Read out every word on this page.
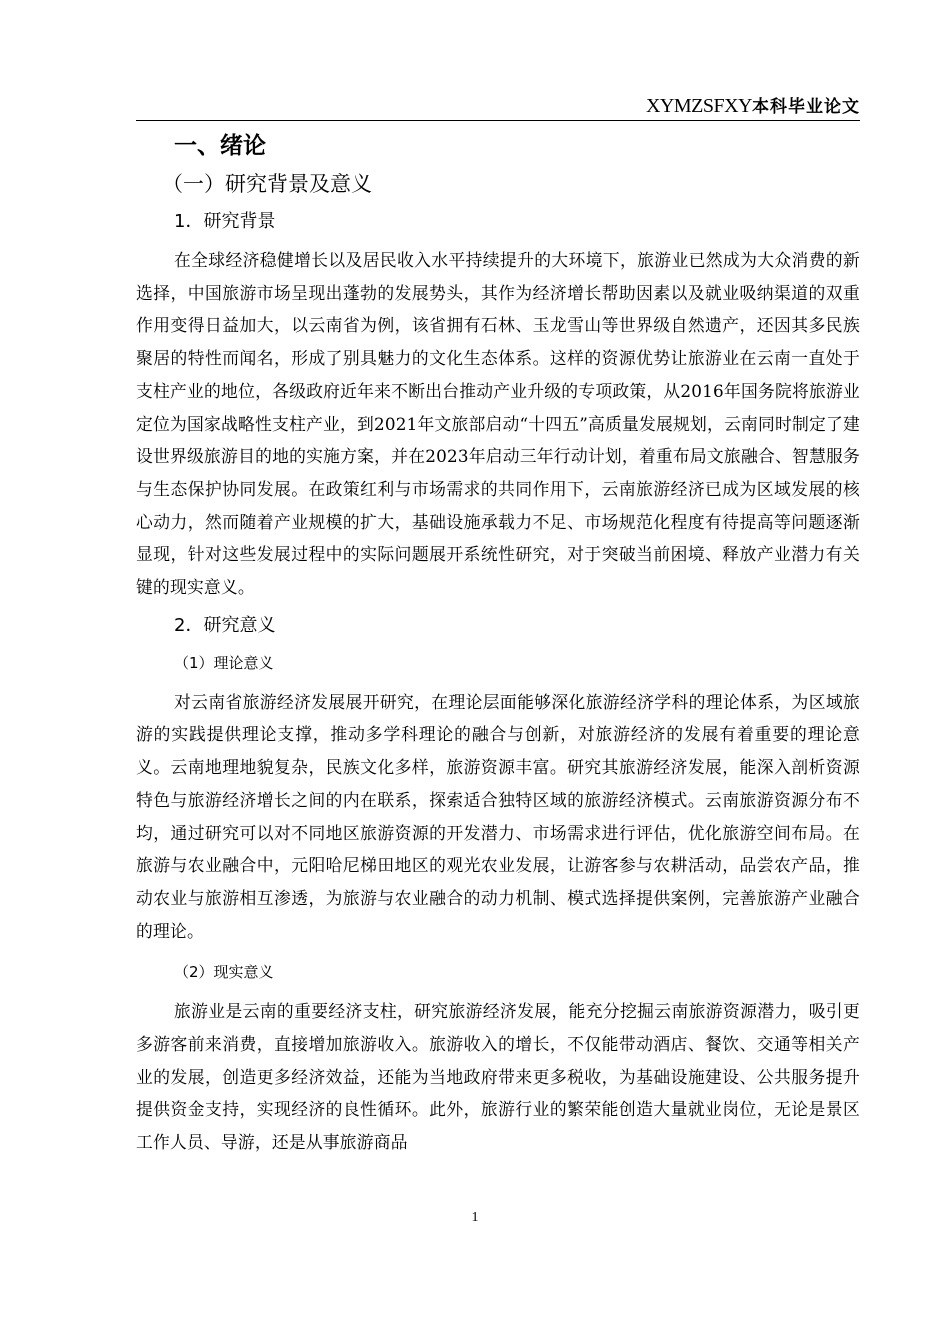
XYMZSFXY本科毕业论文
一、绪论
（一）研究背景及意义
1．研究背景

在全球经济稳健增长以及居民收入水平持续提升的大环境下，旅游业已然成为大众消费的新选择，中国旅游市场呈现出蓬勃的发展势头，其作为经济增长帮助因素以及就业吸纳渠道的双重作用变得日益加大，以云南省为例，该省拥有石林、玉龙雪山等世界级自然遗产，还因其多民族聚居的特性而闻名，形成了别具魅力的文化生态体系。这样的资源优势让旅游业在云南一直处于支柱产业的地位，各级政府近年来不断出台推动产业升级的专项政策，从2016年国务院将旅游业定位为国家战略性支柱产业，到2021年文旅部启动“十四五”高质量发展规划，云南同时制定了建设世界级旅游目的地的实施方案，并在2023年启动三年行动计划，着重布局文旅融合、智慧服务与生态保护协同发展。在政策红利与市场需求的共同作用下，云南旅游经济已成为区域发展的核心动力，然而随着产业规模的扩大，基础设施承载力不足、市场规范化程度有待提高等问题逐渐显现，针对这些发展过程中的实际问题展开系统性研究，对于突破当前困境、释放产业潜力有关键的现实意义。

2．研究意义
（1）理论意义

对云南省旅游经济发展展开研究，在理论层面能够深化旅游经济学科的理论体系，为区域旅游的实践提供理论支撑，推动多学科理论的融合与创新，对旅游经济的发展有着重要的理论意义。云南地理地貌复杂，民族文化多样，旅游资源丰富。研究其旅游经济发展，能深入剖析资源特色与旅游经济增长之间的内在联系，探索适合独特区域的旅游经济模式。云南旅游资源分布不均，通过研究可以对不同地区旅游资源的开发潜力、市场需求进行评估，优化旅游空间布局。在旅游与农业融合中，元阳哈尼梯田地区的观光农业发展，让游客参与农耕活动，品尝农产品，推动农业与旅游相互渗透，为旅游与农业融合的动力机制、模式选择提供案例，完善旅游产业融合的理论。

（2）现实意义

旅游业是云南的重要经济支柱，研究旅游经济发展，能充分挖掘云南旅游资源潜力，吸引更多游客前来消费，直接增加旅游收入。旅游收入的增长，不仅能带动酒店、餐饮、交通等相关产业的发展，创造更多经济效益，还能为当地政府带来更多税收，为基础设施建设、公共服务提升提供资金支持，实现经济的良性循环。此外，旅游行业的繁荣能创造大量就业岗位，无论是景区工作人员、导游，还是从事旅游商品

1
